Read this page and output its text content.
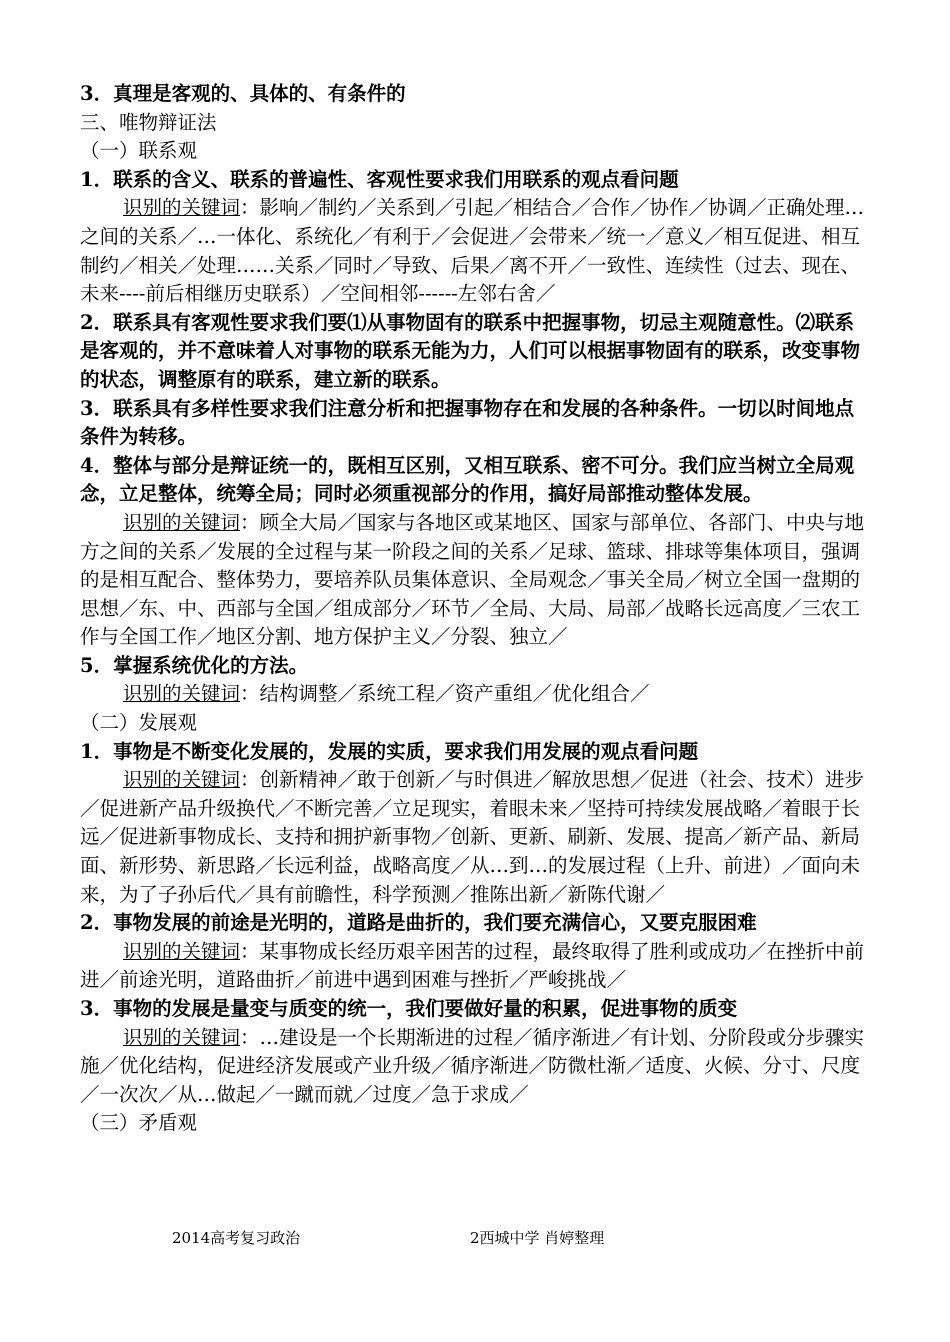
3．真理是客观的、具体的、有条件的

三、唯物辩证法

（一）联系观

1．联系的含义、联系的普遍性、客观性要求我们用联系的观点看问题

识别的关键词：影响／制约／关系到／引起／相结合／合作／协作／协调／正确处理…之间的关系／…一体化、系统化／有利于／会促进／会带来／统一／意义／相互促进、相互制约／相关／处理……关系／同时／导致、后果／离不开／一致性、连续性（过去、现在、未来----前后相继历史联系）／空间相邻------左邻右舍／

2．联系具有客观性要求我们要⑴从事物固有的联系中把握事物，切忌主观随意性。⑵联系是客观的，并不意味着人对事物的联系无能为力，人们可以根据事物固有的联系，改变事物的状态，调整原有的联系，建立新的联系。

3．联系具有多样性要求我们注意分析和把握事物存在和发展的各种条件。一切以时间地点条件为转移。

4．整体与部分是辩证统一的，既相互区别，又相互联系、密不可分。我们应当树立全局观念，立足整体，统筹全局；同时必须重视部分的作用，搞好局部推动整体发展。

识别的关键词：顾全大局／国家与各地区或某地区、国家与部单位、各部门、中央与地方之间的关系／发展的全过程与某一阶段之间的关系／足球、篮球、排球等集体项目，强调的是相互配合、整体势力，要培养队员集体意识、全局观念／事关全局／树立全国一盘期的思想／东、中、西部与全国／组成部分／环节／全局、大局、局部／战略长远高度／三农工作与全国工作／地区分割、地方保护主义／分裂、独立／

5．掌握系统优化的方法。

识别的关键词：结构调整／系统工程／资产重组／优化组合／

（二）发展观

1．事物是不断变化发展的，发展的实质，要求我们用发展的观点看问题

识别的关键词：创新精神／敢于创新／与时俱进／解放思想／促进（社会、技术）进步／促进新产品升级换代／不断完善／立足现实，着眼未来／坚持可持续发展战略／着眼于长远／促进新事物成长、支持和拥护新事物／创新、更新、刷新、发展、提高／新产品、新局面、新形势、新思路／长远利益，战略高度／从…到…的发展过程（上升、前进）／面向未来，为了子孙后代／具有前瞻性，科学预测／推陈出新／新陈代谢／

2．事物发展的前途是光明的，道路是曲折的，我们要充满信心，又要克服困难

识别的关键词：某事物成长经历艰辛困苦的过程，最终取得了胜利或成功／在挫折中前进／前途光明，道路曲折／前进中遇到困难与挫折／严峻挑战／

3．事物的发展是量变与质变的统一，我们要做好量的积累，促进事物的质变

识别的关键词：…建设是一个长期渐进的过程／循序渐进／有计划、分阶段或分步骤实施／优化结构，促进经济发展或产业升级／循序渐进／防微杜渐／适度、火候、分寸、尺度／一次次／从…做起／一蹴而就／过度／急于求成／

（三）矛盾观

2014高考复习政治	2西城中学 肖婷整理
